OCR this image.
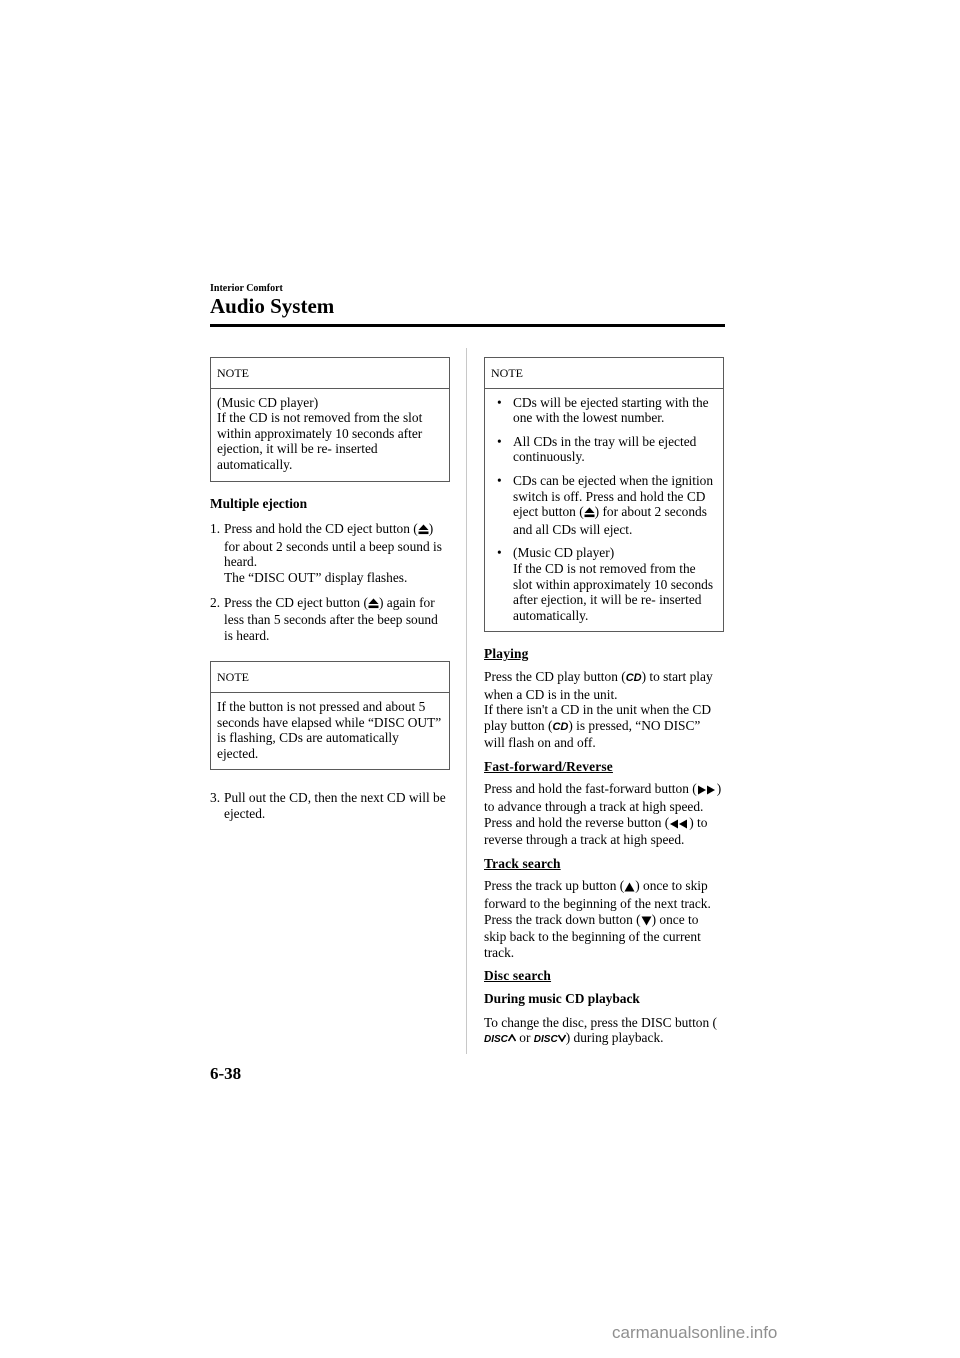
Interior Comfort
Audio System
NOTE

(Music CD player)

If the CD is not removed from the slot within approximately 10 seconds after ejection, it will be re- inserted automatically.

Multiple ejection
1. Press and hold the CD eject button ( ) for about 2 seconds until a beep sound is heard.
The “DISC OUT” display flashes.
2. Press the CD eject button ( ) again for less than 5 seconds after the beep sound is heard.
NOTE

If the button is not pressed and about 5 seconds have elapsed while “DISC OUT” is flashing, CDs are automatically ejected.

3. Pull out the CD, then the next CD will be ejected.
NOTE
• CDs will be ejected starting with the one with the lowest number.
• All CDs in the tray will be ejected continuously.
• CDs can be ejected when the ignition switch is off. Press and hold the CD eject button ( ) for about 2 seconds and all CDs will eject.
• (Music CD player)
If the CD is not removed from the slot within approximately 10 seconds after ejection, it will be re- inserted automatically.
Playing

Press the CD play button (CD) to start play when a CD is in the unit.
If there isn't a CD in the unit when the CD play button (CD) is pressed, “NO DISC” will flash on and off.

Fast-forward/Reverse

Press and hold the fast-forward button ( ) to advance through a track at high speed.
Press and hold the reverse button ( ) to reverse through a track at high speed.

Track search

Press the track up button ( ) once to skip forward to the beginning of the next track.
Press the track down button ( ) once to skip back to the beginning of the current track.

Disc search
During music CD playback

To change the disc, press the DISC button (DISC or DISC ) during playback.

6-38
carmanualsonline.info
